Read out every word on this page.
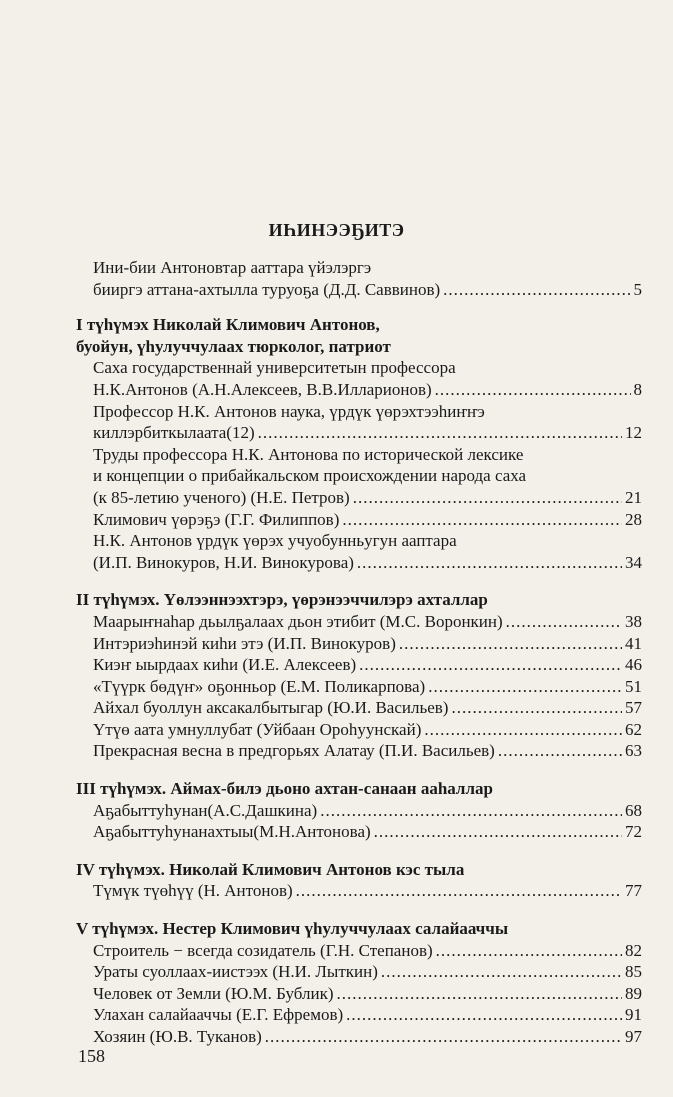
ИҺИНЭЭҔИТЭ
Ини-бии Антоновтар ааттара үйэлэргэ
бииргэ аттана-ахтылла туруоҕа (Д.Д. Саввинов) .....	5
I түһүмэх Николай Климович Антонов,
буойун, үһулуччулаах тюрколог, патриот
Саха государственнай университетын профессора
Н.К.Антонов (А.Н.Алексеев, В.В.Илларионов) .....	8
Профессор Н.К. Антонов наука, үрдүк үөрэхтээһиҥҥэ
киллэрбиткылаата(12) .....	12
Труды профессора Н.К. Антонова по исторической лексике
и концепции о прибайкальском происхождении народа саха
(к 85-летию ученого) (Н.Е. Петров) .....	21
Климович үөрэҕэ (Г.Г. Филиппов) .....	28
Н.К. Антонов үрдүк үөрэх учуобунньугун ааптара
(И.П. Винокуров, Н.И. Винокурова) .....	34
II түһүмэх. Үөлээннээхтэрэ, үөрэнээччилэрэ ахталлар
Маарыҥнаһар дьылҕалаах дьон этибит (М.С. Воронкин) .....	38
Интэриэһинэй киһи этэ (И.П. Винокуров) .....	41
Киэҥ ыырдаах киһи (И.Е. Алексеев) .....	46
«Түүрк бөдүҥ» оҕонньор (Е.М. Поликарпова) .....	51
Айхал буоллун аксакалбытыгар (Ю.И. Васильев) .....	57
Үтүө аата умнуллубат (Уйбаан Ороһуунскай) .....	62
Прекрасная весна в предгорьях Алатау (П.И. Васильев) .....	63
III түһүмэх. Аймах-билэ дьоно ахтан-санаан ааһаллар
Аҕабыттуһунан(А.С.Дашкина) .....	68
Аҕабыттуһунанахтыы(М.Н.Антонова) .....	72
IV түһүмэх. Николай Климович Антонов кэс тыла
Түмүк түөһүү (Н. Антонов) .....	77
V түһүмэх. Нестер Климович үһулуччулаах салайааччы
Строитель − всегда созидатель (Г.Н. Степанов) .....	82
Ураты суоллаах-иистээх (Н.И. Лыткин) .....	85
Человек от Земли (Ю.М. Бублик) .....	89
Улахан салайааччы (Е.Г. Ефремов) .....	91
Хозяин (Ю.В. Туканов) .....	97
158
